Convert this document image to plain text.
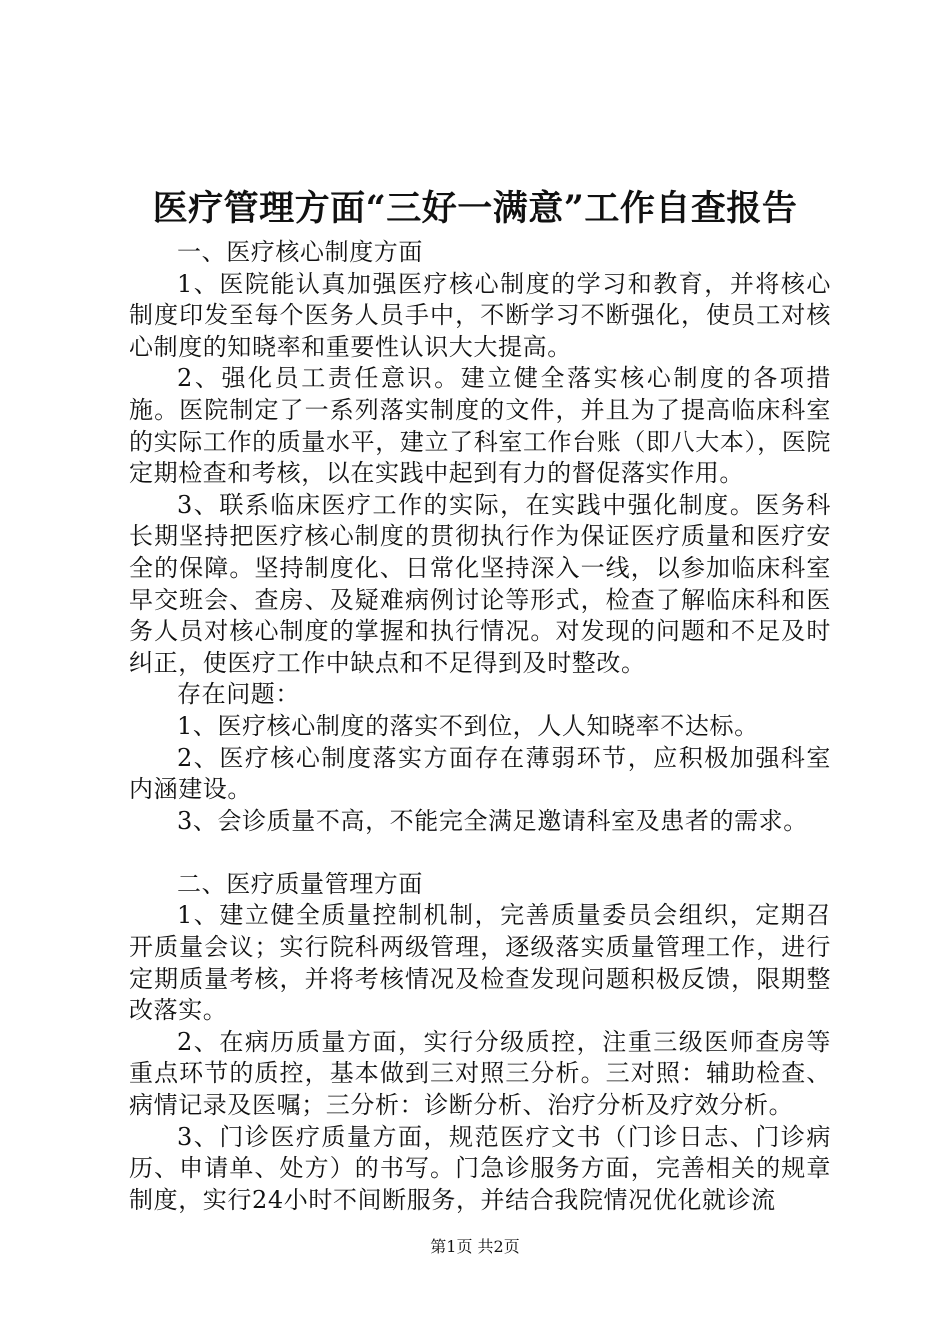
医疗管理方面“三好一满意”工作自查报告

一、医疗核心制度方面

1、医院能认真加强医疗核心制度的学习和教育，并将核心制度印发至每个医务人员手中，不断学习不断强化，使员工对核心制度的知晓率和重要性认识大大提高。

2、强化员工责任意识。建立健全落实核心制度的各项措施。医院制定了一系列落实制度的文件，并且为了提高临床科室的实际工作的质量水平，建立了科室工作台账（即八大本），医院定期检查和考核，以在实践中起到有力的督促落实作用。

3、联系临床医疗工作的实际，在实践中强化制度。医务科长期坚持把医疗核心制度的贯彻执行作为保证医疗质量和医疗安全的保障。坚持制度化、日常化坚持深入一线，以参加临床科室早交班会、查房、及疑难病例讨论等形式，检查了解临床科和医务人员对核心制度的掌握和执行情况。对发现的问题和不足及时纠正，使医疗工作中缺点和不足得到及时整改。

存在问题：

1、医疗核心制度的落实不到位，人人知晓率不达标。

2、医疗核心制度落实方面存在薄弱环节，应积极加强科室内涵建设。

3、会诊质量不高，不能完全满足邀请科室及患者的需求。

二、医疗质量管理方面

1、建立健全质量控制机制，完善质量委员会组织，定期召开质量会议；实行院科两级管理，逐级落实质量管理工作，进行定期质量考核，并将考核情况及检查发现问题积极反馈，限期整改落实。

2、在病历质量方面，实行分级质控，注重三级医师查房等重点环节的质控，基本做到三对照三分析。三对照：辅助检查、病情记录及医嘱；三分析：诊断分析、治疗分析及疗效分析。

3、门诊医疗质量方面，规范医疗文书（门诊日志、门诊病历、申请单、处方）的书写。门急诊服务方面，完善相关的规章制度，实行24小时不间断服务，并结合我院情况优化就诊流

第1页 共2页
